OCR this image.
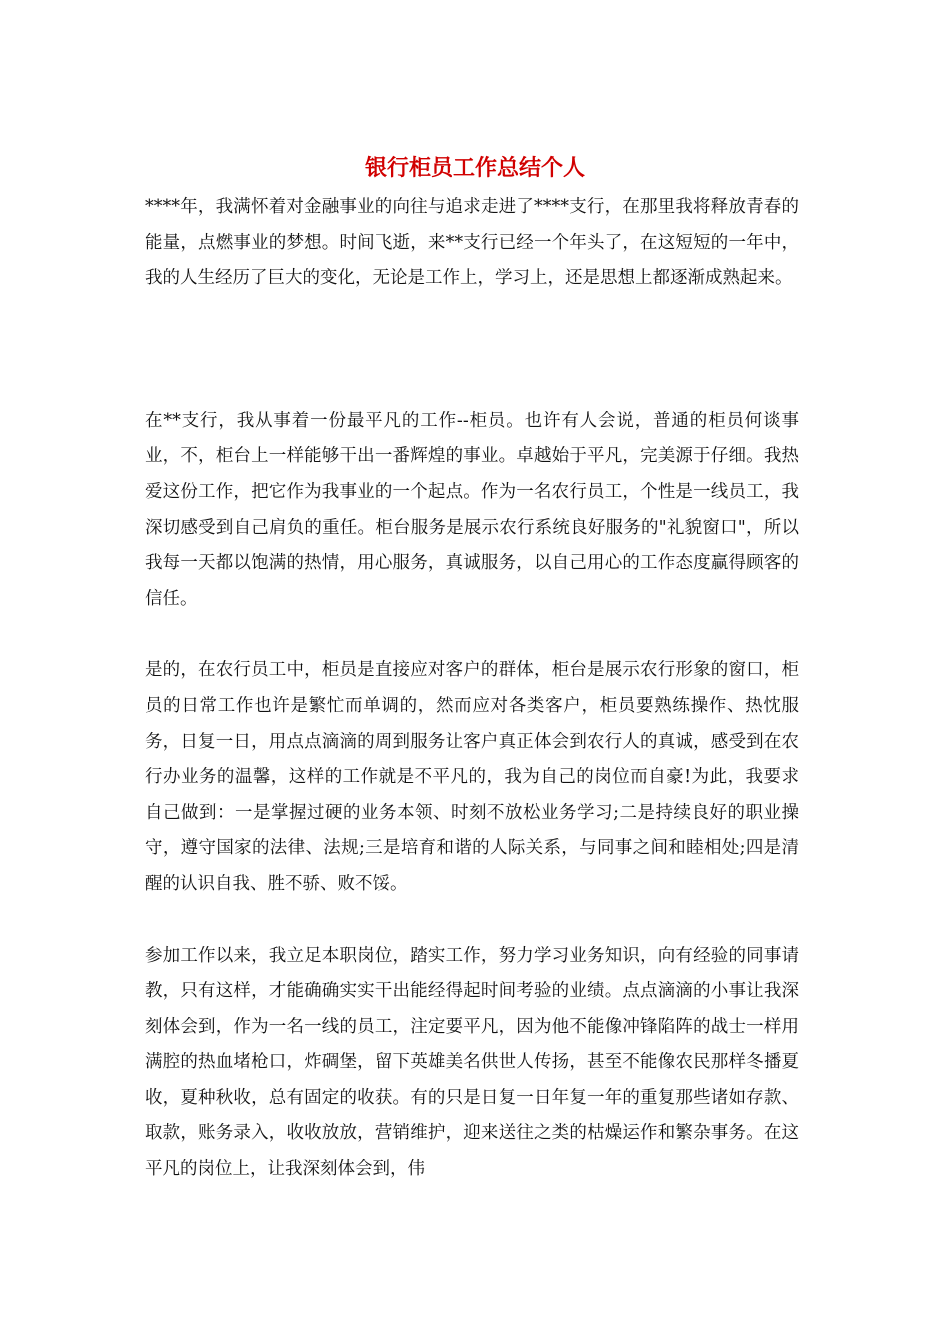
银行柜员工作总结个人

****年，我满怀着对金融事业的向往与追求走进了****支行，在那里我将释放青春的能量，点燃事业的梦想。时间飞逝，来**支行已经一个年头了，在这短短的一年中，我的人生经历了巨大的变化，无论是工作上，学习上，还是思想上都逐渐成熟起来。

在**支行，我从事着一份最平凡的工作--柜员。也许有人会说，普通的柜员何谈事业，不，柜台上一样能够干出一番辉煌的事业。卓越始于平凡，完美源于仔细。我热爱这份工作，把它作为我事业的一个起点。作为一名农行员工，个性是一线员工，我深切感受到自己肩负的重任。柜台服务是展示农行系统良好服务的"礼貌窗口"，所以我每一天都以饱满的热情，用心服务，真诚服务，以自己用心的工作态度赢得顾客的信任。

是的，在农行员工中，柜员是直接应对客户的群体，柜台是展示农行形象的窗口，柜员的日常工作也许是繁忙而单调的，然而应对各类客户，柜员要熟练操作、热忱服务，日复一日，用点点滴滴的周到服务让客户真正体会到农行人的真诚，感受到在农行办业务的温馨，这样的工作就是不平凡的，我为自己的岗位而自豪!为此，我要求自己做到：一是掌握过硬的业务本领、时刻不放松业务学习;二是持续良好的职业操守，遵守国家的法律、法规;三是培育和谐的人际关系，与同事之间和睦相处;四是清醒的认识自我、胜不骄、败不馁。

参加工作以来，我立足本职岗位，踏实工作，努力学习业务知识，向有经验的同事请教，只有这样，才能确确实实干出能经得起时间考验的业绩。点点滴滴的小事让我深刻体会到，作为一名一线的员工，注定要平凡，因为他不能像冲锋陷阵的战士一样用满腔的热血堵枪口，炸碉堡，留下英雄美名供世人传扬，甚至不能像农民那样冬播夏收，夏种秋收，总有固定的收获。有的只是日复一日年复一年的重复那些诸如存款、取款，账务录入，收收放放，营销维护，迎来送往之类的枯燥运作和繁杂事务。在这平凡的岗位上，让我深刻体会到，伟
